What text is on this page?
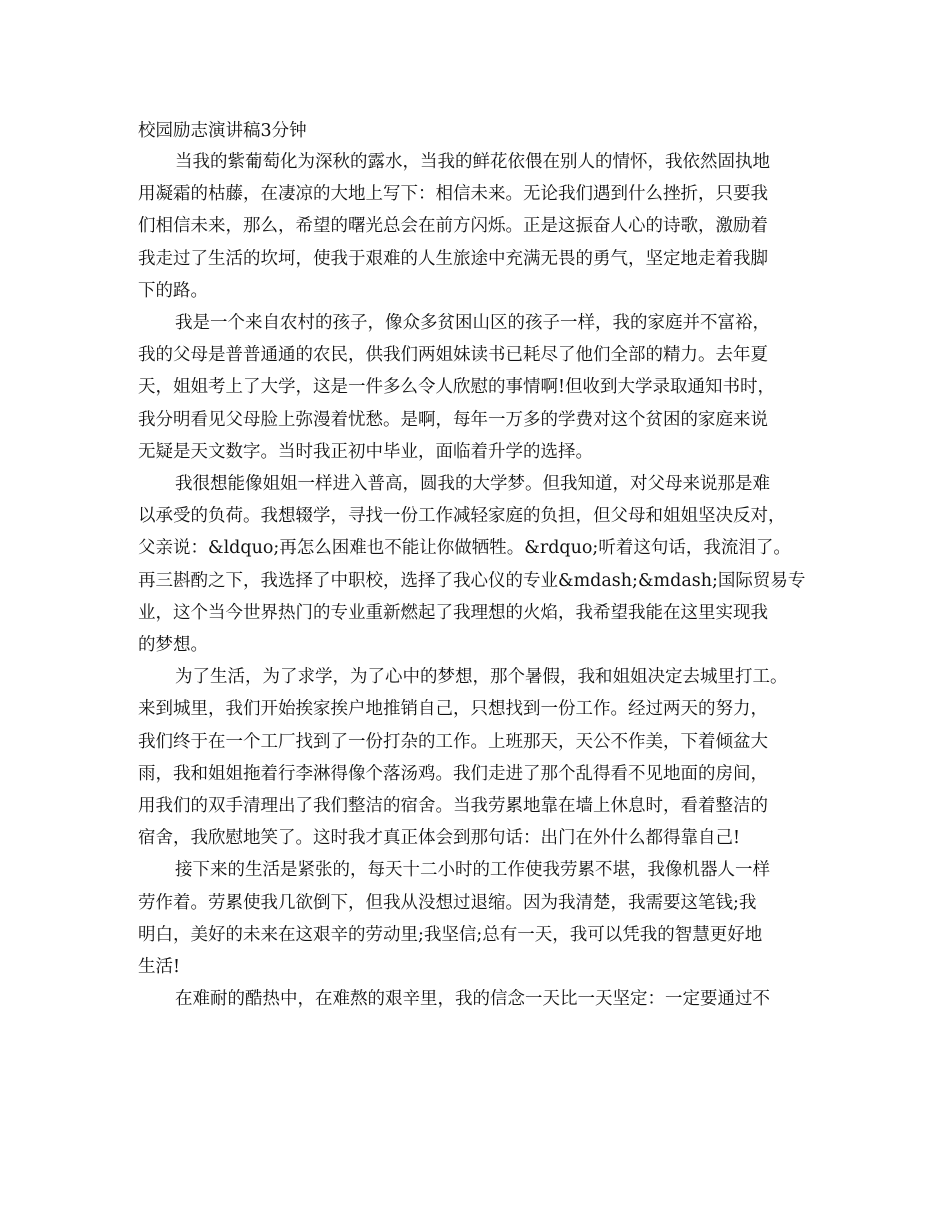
校园励志演讲稿3分钟
当我的紫葡萄化为深秋的露水，当我的鲜花依偎在别人的情怀，我依然固执地
用凝霜的枯藤，在凄凉的大地上写下：相信未来。无论我们遇到什么挫折，只要我
们相信未来，那么，希望的曙光总会在前方闪烁。正是这振奋人心的诗歌，激励着
我走过了生活的坎坷，使我于艰难的人生旅途中充满无畏的勇气，坚定地走着我脚
下的路。
我是一个来自农村的孩子，像众多贫困山区的孩子一样，我的家庭并不富裕，
我的父母是普普通通的农民，供我们两姐妹读书已耗尽了他们全部的精力。去年夏
天，姐姐考上了大学，这是一件多么令人欣慰的事情啊!但收到大学录取通知书时，
我分明看见父母脸上弥漫着忧愁。是啊，每年一万多的学费对这个贫困的家庭来说
无疑是天文数字。当时我正初中毕业，面临着升学的选择。
我很想能像姐姐一样进入普高，圆我的大学梦。但我知道，对父母来说那是难
以承受的负荷。我想辍学，寻找一份工作减轻家庭的负担，但父母和姐姐坚决反对，
父亲说：&ldquo;再怎么困难也不能让你做牺牲。&rdquo;听着这句话，我流泪了。
再三斟酌之下，我选择了中职校，选择了我心仪的专业&mdash;&mdash;国际贸易专
业，这个当今世界热门的专业重新燃起了我理想的火焰，我希望我能在这里实现我
的梦想。
为了生活，为了求学，为了心中的梦想，那个暑假，我和姐姐决定去城里打工。
来到城里，我们开始挨家挨户地推销自己，只想找到一份工作。经过两天的努力，
我们终于在一个工厂找到了一份打杂的工作。上班那天，天公不作美，下着倾盆大
雨，我和姐姐拖着行李淋得像个落汤鸡。我们走进了那个乱得看不见地面的房间，
用我们的双手清理出了我们整洁的宿舍。当我劳累地靠在墙上休息时，看着整洁的
宿舍，我欣慰地笑了。这时我才真正体会到那句话：出门在外什么都得靠自己!
接下来的生活是紧张的，每天十二小时的工作使我劳累不堪，我像机器人一样
劳作着。劳累使我几欲倒下，但我从没想过退缩。因为我清楚，我需要这笔钱;我
明白，美好的未来在这艰辛的劳动里;我坚信;总有一天，我可以凭我的智慧更好地
生活!
在难耐的酷热中，在难熬的艰辛里，我的信念一天比一天坚定：一定要通过不
